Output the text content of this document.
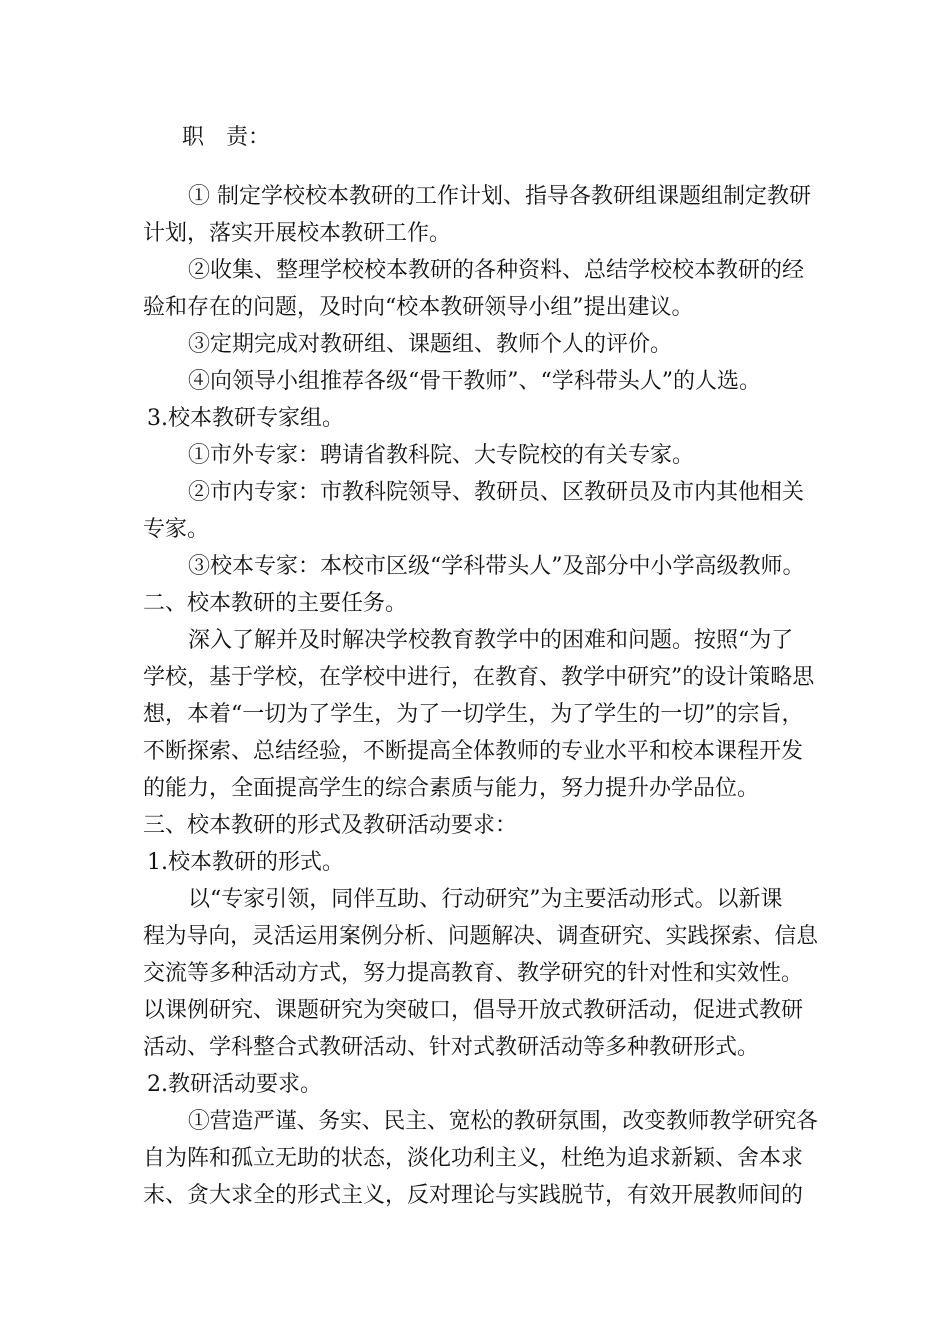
职　责：
① 制定学校校本教研的工作计划、指导各教研组课题组制定教研
计划，落实开展校本教研工作。
②收集、整理学校校本教研的各种资料、总结学校校本教研的经
验和存在的问题，及时向“校本教研领导小组”提出建议。
③定期完成对教研组、课题组、教师个人的评价。
④向领导小组推荐各级“骨干教师”、“学科带头人”的人选。
3.校本教研专家组。
①市外专家：聘请省教科院、大专院校的有关专家。
②市内专家：市教科院领导、教研员、区教研员及市内其他相关
专家。
③校本专家：本校市区级“学科带头人”及部分中小学高级教师。
二、校本教研的主要任务。
深入了解并及时解决学校教育教学中的困难和问题。按照“为了
学校，基于学校，在学校中进行，在教育、教学中研究”的设计策略思
想，本着“一切为了学生，为了一切学生，为了学生的一切”的宗旨，
不断探索、总结经验，不断提高全体教师的专业水平和校本课程开发
的能力，全面提高学生的综合素质与能力，努力提升办学品位。
三、校本教研的形式及教研活动要求：
1.校本教研的形式。
以“专家引领，同伴互助、行动研究”为主要活动形式。以新课
程为导向，灵活运用案例分析、问题解决、调查研究、实践探索、信息
交流等多种活动方式，努力提高教育、教学研究的针对性和实效性。
以课例研究、课题研究为突破口，倡导开放式教研活动，促进式教研
活动、学科整合式教研活动、针对式教研活动等多种教研形式。
2.教研活动要求。
①营造严谨、务实、民主、宽松的教研氛围，改变教师教学研究各
自为阵和孤立无助的状态，淡化功利主义，杜绝为追求新颖、舍本求
末、贪大求全的形式主义，反对理论与实践脱节，有效开展教师间的
